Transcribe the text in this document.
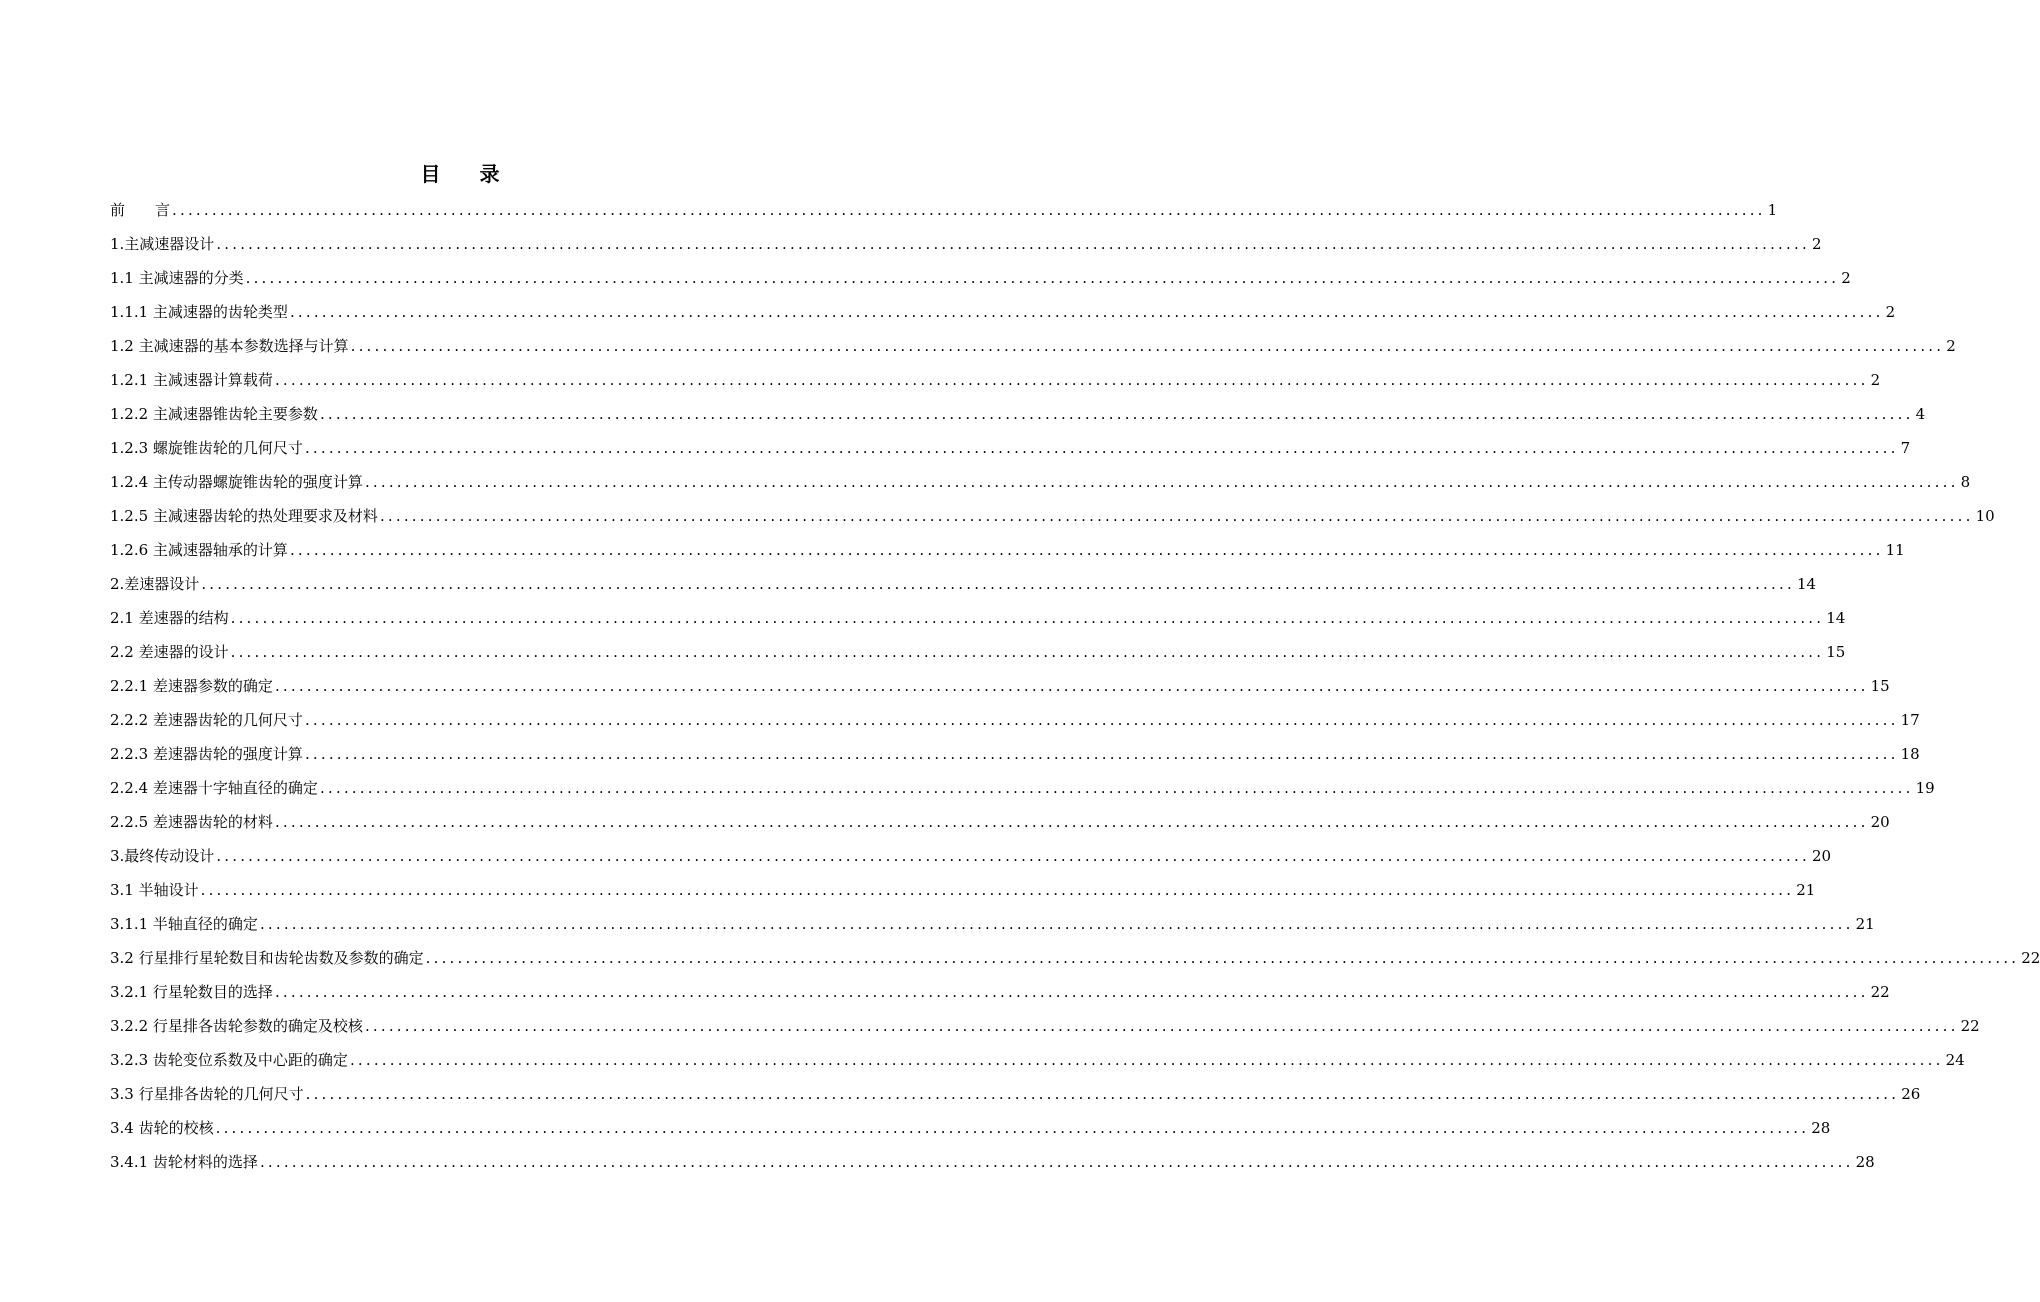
目 录
前　　言 ........................................................................................................................................................................................................ 1
1.主减速器设计 ........................................................................................................................................................................................................ 2
1.1 主减速器的分类 ........................................................................................................................................................................................................ 2
1.1.1 主减速器的齿轮类型 ........................................................................................................................................................................................................ 2
1.2 主减速器的基本参数选择与计算 ........................................................................................................................................................................................................ 2
1.2.1 主减速器计算载荷 ........................................................................................................................................................................................................ 2
1.2.2 主减速器锥齿轮主要参数 ........................................................................................................................................................................................................ 4
1.2.3 螺旋锥齿轮的几何尺寸 ........................................................................................................................................................................................................ 7
1.2.4 主传动器螺旋锥齿轮的强度计算 ........................................................................................................................................................................................................ 8
1.2.5 主减速器齿轮的热处理要求及材料 ........................................................................................................................................................................................................ 10
1.2.6 主减速器轴承的计算 ........................................................................................................................................................................................................ 11
2.差速器设计 ........................................................................................................................................................................................................ 14
2.1 差速器的结构 ........................................................................................................................................................................................................ 14
2.2 差速器的设计 ........................................................................................................................................................................................................ 15
2.2.1 差速器参数的确定 ........................................................................................................................................................................................................ 15
2.2.2 差速器齿轮的几何尺寸 ........................................................................................................................................................................................................ 17
2.2.3 差速器齿轮的强度计算 ........................................................................................................................................................................................................ 18
2.2.4 差速器十字轴直径的确定 ........................................................................................................................................................................................................ 19
2.2.5 差速器齿轮的材料 ........................................................................................................................................................................................................ 20
3.最终传动设计 ........................................................................................................................................................................................................ 20
3.1 半轴设计 ........................................................................................................................................................................................................ 21
3.1.1 半轴直径的确定 ........................................................................................................................................................................................................ 21
3.2 行星排行星轮数目和齿轮齿数及参数的确定 ........................................................................................................................................................................................................ 22
3.2.1 行星轮数目的选择 ........................................................................................................................................................................................................ 22
3.2.2 行星排各齿轮参数的确定及校核 ........................................................................................................................................................................................................ 22
3.2.3 齿轮变位系数及中心距的确定 ........................................................................................................................................................................................................ 24
3.3 行星排各齿轮的几何尺寸 ........................................................................................................................................................................................................ 26
3.4 齿轮的校核 ........................................................................................................................................................................................................ 28
3.4.1 齿轮材料的选择 ........................................................................................................................................................................................................ 28
